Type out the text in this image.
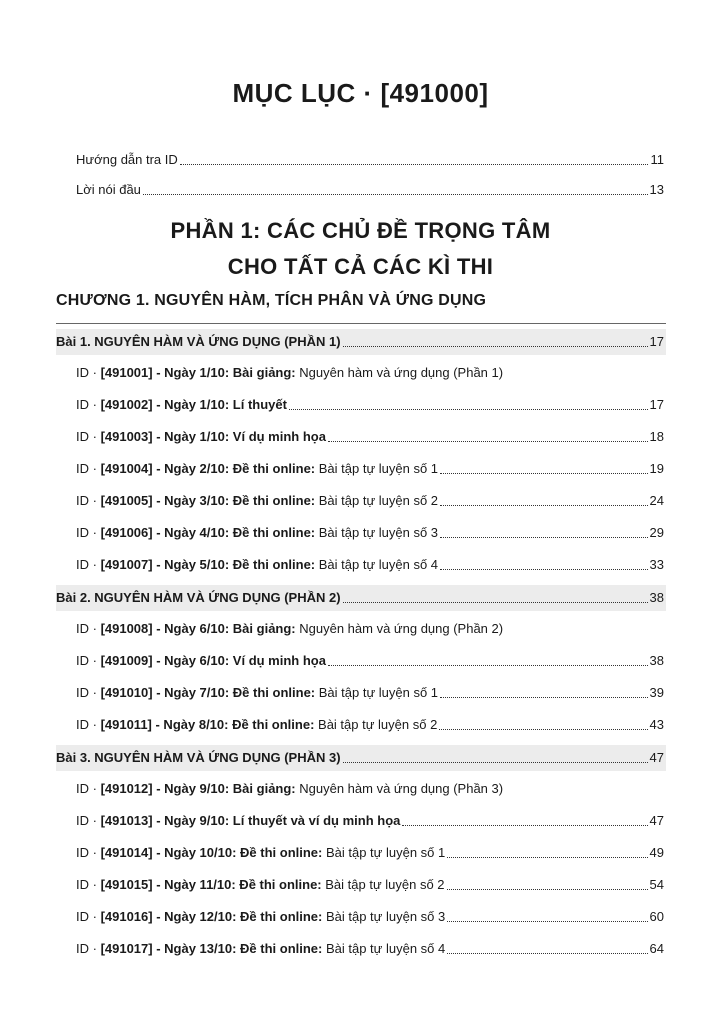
MỤC LỤC · [491000]
Hướng dẫn tra ID	11
Lời nói đầu	13
PHẦN 1: CÁC CHỦ ĐỀ TRỌNG TÂM
CHO TẤT CẢ CÁC KÌ THI
CHƯƠNG 1. NGUYÊN HÀM, TÍCH PHÂN VÀ ỨNG DỤNG
Bài 1. NGUYÊN HÀM VÀ ỨNG DỤNG (PHẦN 1)	17
ID · [491001] - Ngày 1/10: Bài giảng: Nguyên hàm và ứng dụng (Phần 1)
ID · [491002] - Ngày 1/10: Lí thuyết	17
ID · [491003] - Ngày 1/10: Ví dụ minh họa	18
ID · [491004] - Ngày 2/10: Đề thi online: Bài tập tự luyện số 1	19
ID · [491005] - Ngày 3/10: Đề thi online: Bài tập tự luyện số 2	24
ID · [491006] - Ngày 4/10: Đề thi online: Bài tập tự luyện số 3	29
ID · [491007] - Ngày 5/10: Đề thi online: Bài tập tự luyện số 4	33
Bài 2. NGUYÊN HÀM VÀ ỨNG DỤNG (PHẦN 2)	38
ID · [491008] - Ngày 6/10: Bài giảng: Nguyên hàm và ứng dụng (Phần 2)
ID · [491009] - Ngày 6/10: Ví dụ minh họa	38
ID · [491010] - Ngày 7/10: Đề thi online: Bài tập tự luyện số 1	39
ID · [491011] - Ngày 8/10: Đề thi online: Bài tập tự luyện số 2	43
Bài 3. NGUYÊN HÀM VÀ ỨNG DỤNG (PHẦN 3)	47
ID · [491012] - Ngày 9/10: Bài giảng: Nguyên hàm và ứng dụng (Phần 3)
ID · [491013] - Ngày 9/10: Lí thuyết và ví dụ minh họa	47
ID · [491014] - Ngày 10/10: Đề thi online: Bài tập tự luyện số 1	49
ID · [491015] - Ngày 11/10: Đề thi online: Bài tập tự luyện số 2	54
ID · [491016] - Ngày 12/10: Đề thi online: Bài tập tự luyện số 3	60
ID · [491017] - Ngày 13/10: Đề thi online: Bài tập tự luyện số 4	64
